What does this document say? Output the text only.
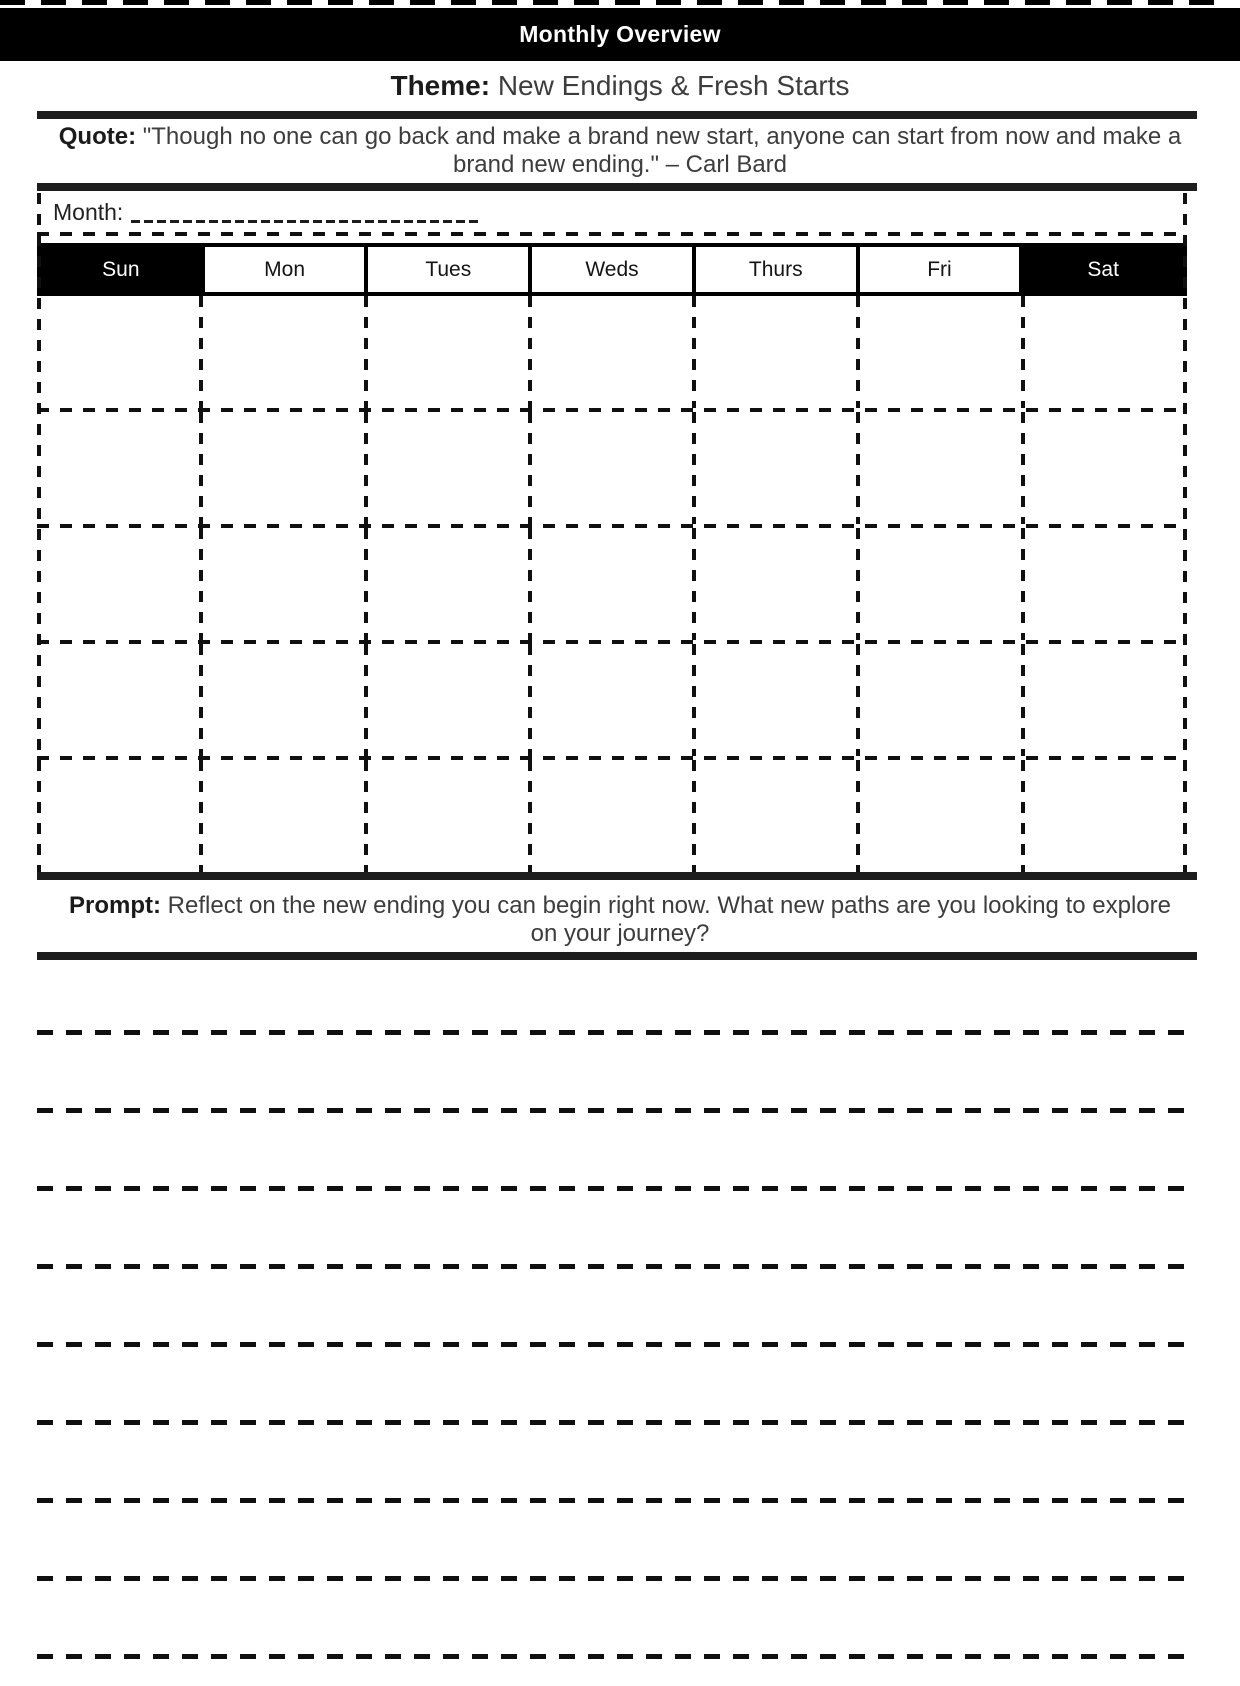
Monthly Overview
Theme: New Endings & Fresh Starts

Quote: "Though no one can go back and make a brand new start, anyone can start from now and make a brand new ending." – Carl Bard

Month:
Sun	Mon	Tues	Weds	Thurs	Fri	Sat

Prompt: Reflect on the new ending you can begin right now. What new paths are you looking to explore on your journey?
